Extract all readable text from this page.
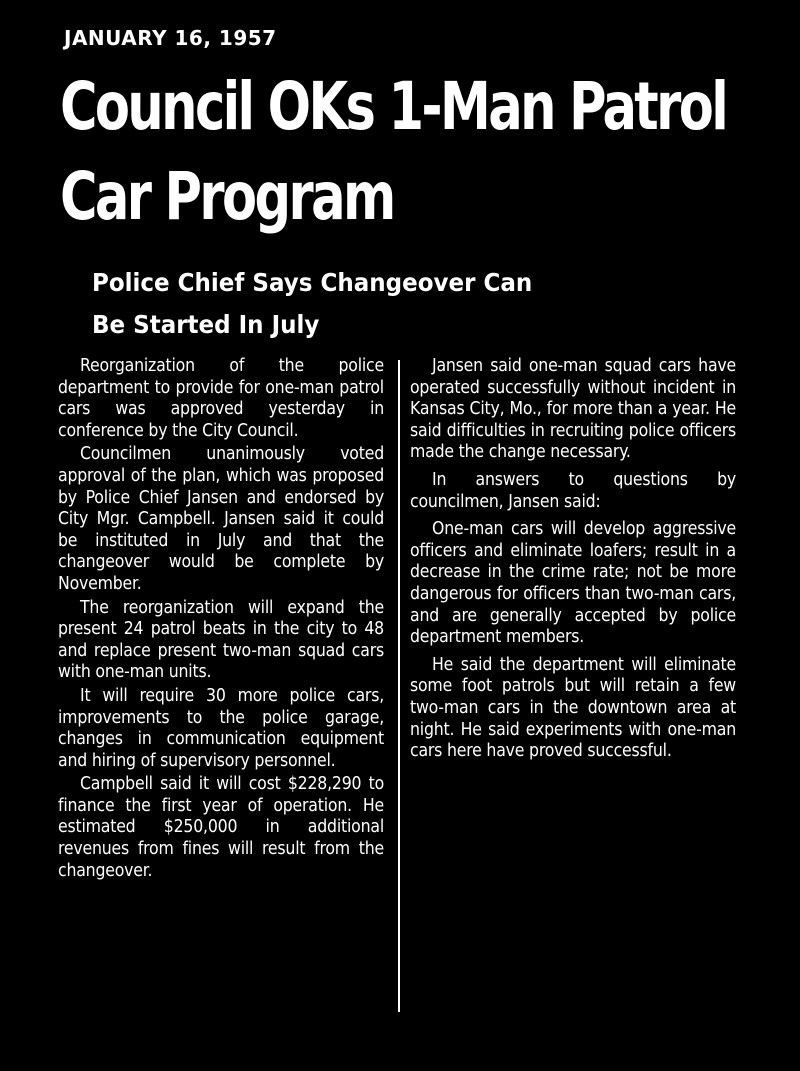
JANUARY 16, 1957
Council OKs 1-Man Patrol
Car Program
Police Chief Says Changeover Can
Be Started In July

Reorganization of the police department to provide for one-man patrol cars was approved yesterday in conference by the City Council.

Councilmen unanimously voted approval of the plan, which was proposed by Police Chief Jansen and endorsed by City Mgr. Campbell. Jansen said it could be instituted in July and that the changeover would be complete by November.

The reorganization will expand the present 24 patrol beats in the city to 48 and replace present two-man squad cars with one-man units.

It will require 30 more police cars, improvements to the police garage, changes in communication equipment and hiring of supervisory personnel.

Campbell said it will cost $228,290 to finance the first year of operation. He estimated $250,000 in additional revenues from fines will result from the changeover.

Jansen said one-man squad cars have operated successfully without incident in Kansas City, Mo., for more than a year. He said difficulties in recruiting police officers made the change necessary.

In answers to questions by councilmen, Jansen said:

One-man cars will develop aggressive officers and eliminate loafers; result in a decrease in the crime rate; not be more dangerous for officers than two-man cars, and are generally accepted by police department members.

He said the department will eliminate some foot patrols but will retain a few two-man cars in the downtown area at night. He said experiments with one-man cars here have proved successful.
